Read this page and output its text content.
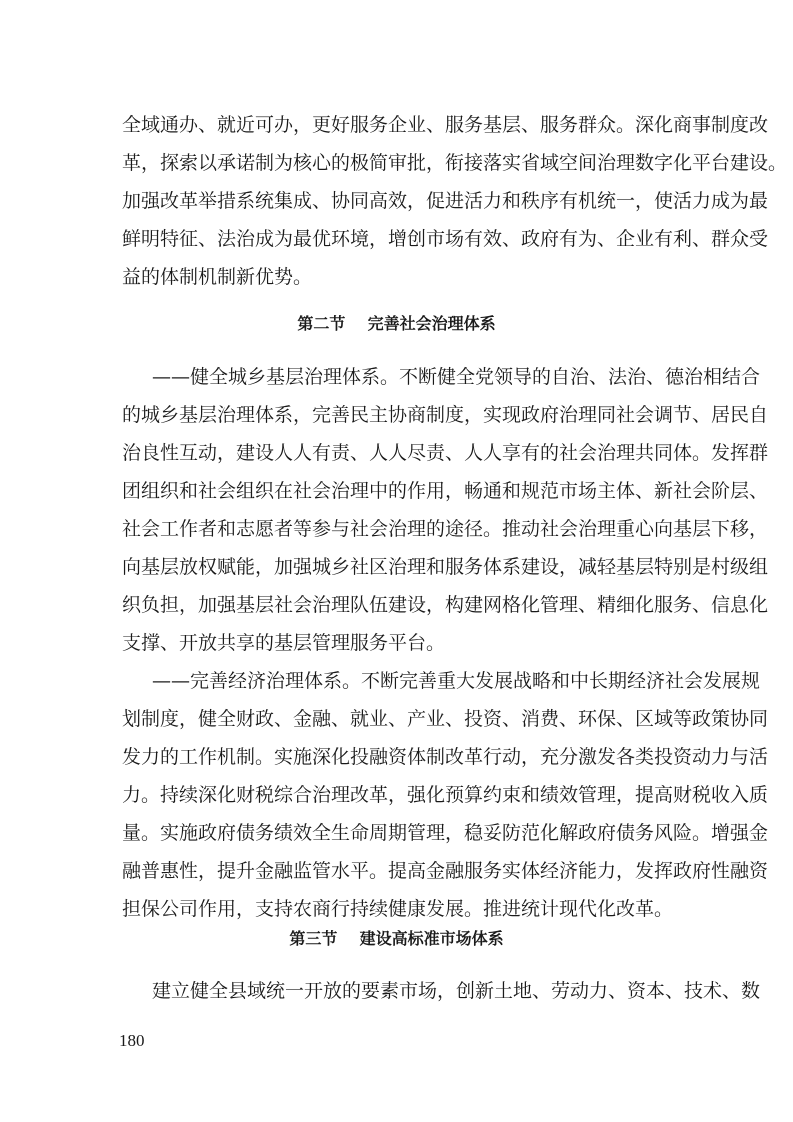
全域通办、就近可办，更好服务企业、服务基层、服务群众。深化商事制度改
革，探索以承诺制为核心的极简审批，衔接落实省域空间治理数字化平台建设。
加强改革举措系统集成、协同高效，促进活力和秩序有机统一，使活力成为最
鲜明特征、法治成为最优环境，增创市场有效、政府有为、企业有利、群众受
益的体制机制新优势。
第二节    完善社会治理体系
——健全城乡基层治理体系。不断健全党领导的自治、法治、德治相结合
的城乡基层治理体系，完善民主协商制度，实现政府治理同社会调节、居民自
治良性互动，建设人人有责、人人尽责、人人享有的社会治理共同体。发挥群
团组织和社会组织在社会治理中的作用，畅通和规范市场主体、新社会阶层、
社会工作者和志愿者等参与社会治理的途径。推动社会治理重心向基层下移，
向基层放权赋能，加强城乡社区治理和服务体系建设，减轻基层特别是村级组
织负担，加强基层社会治理队伍建设，构建网格化管理、精细化服务、信息化
支撑、开放共享的基层管理服务平台。
——完善经济治理体系。不断完善重大发展战略和中长期经济社会发展规
划制度，健全财政、金融、就业、产业、投资、消费、环保、区域等政策协同
发力的工作机制。实施深化投融资体制改革行动，充分激发各类投资动力与活
力。持续深化财税综合治理改革，强化预算约束和绩效管理，提高财税收入质
量。实施政府债务绩效全生命周期管理，稳妥防范化解政府债务风险。增强金
融普惠性，提升金融监管水平。提高金融服务实体经济能力，发挥政府性融资
担保公司作用，支持农商行持续健康发展。推进统计现代化改革。
第三节    建设高标准市场体系
建立健全县域统一开放的要素市场，创新土地、劳动力、资本、技术、数
180
